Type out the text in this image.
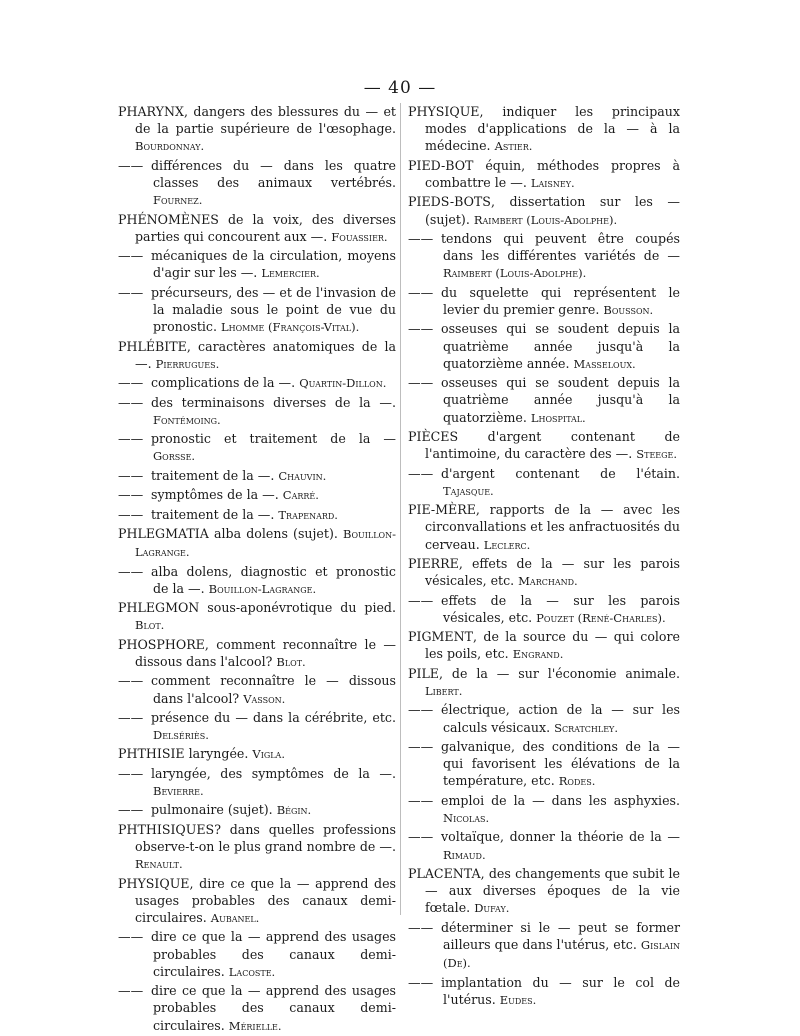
— 40 —
PHARYNX, dangers des blessures du — et de la partie supérieure de l'œsophage. Bourdonnay.
—— différences du — dans les quatre classes des animaux vertébrés. Fournez.
PHÉNOMÈNES de la voix, des diverses parties qui concourent aux —. Fouassier.
—— mécaniques de la circulation, moyens d'agir sur les —. Lemercier.
—— précurseurs, des — et de l'invasion de la maladie sous le point de vue du pronostic. Lhomme (François-Vital).
PHLÉBITE, caractères anatomiques de la —. Pierrugues.
—— complications de la —. Quartin-Dillon.
—— des terminaisons diverses de la —. Fontémoing.
—— pronostic et traitement de la — Gorsse.
—— traitement de la —. Chauvin.
—— symptômes de la —. Carré.
—— traitement de la —. Trapenard.
PHLEGMATIA alba dolens (sujet). Bouillon-Lagrange.
—— alba dolens, diagnostic et pronostic de la —. Bouillon-Lagrange.
PHLEGMON sous-aponévrotique du pied. Blot.
PHOSPHORE, comment reconnaître le — dissous dans l'alcool? Blot.
—— comment reconnaître le — dissous dans l'alcool? Vasson.
—— présence du — dans la cérébrite, etc. Delsériès.
PHTHISIE laryngée. Vigla.
—— laryngée, des symptômes de la —. Bevierre.
—— pulmonaire (sujet). Bégin.
PHTHISIQUES? dans quelles professions observe-t-on le plus grand nombre de —. Renault.
PHYSIQUE, dire ce que la — apprend des usages probables des canaux demi-circulaires. Aubanel.
—— dire ce que la — apprend des usages probables des canaux demi-circulaires. Lacoste.
—— dire ce que la — apprend des usages probables des canaux demi-circulaires. Mérielle.
PHYSIQUE, indiquer les principaux modes d'applications de la — à la médecine. Astier.
PIED-BOT équin, méthodes propres à combattre le —. Laisney.
PIEDS-BOTS, dissertation sur les — (sujet). Raimbert (Louis-Adolphe).
—— tendons qui peuvent être coupés dans les différentes variétés de — Raimbert (Louis-Adolphe).
—— du squelette qui représentent le levier du premier genre. Bousson.
—— osseuses qui se soudent depuis la quatrième année jusqu'à la quatorzième année. Masseloux.
—— osseuses qui se soudent depuis la quatrième année jusqu'à la quatorzième. Lhospital.
PIÈCES d'argent contenant de l'antimoine, du caractère des —. Steege.
—— d'argent contenant de l'étain. Tajasque.
PIE-MÈRE, rapports de la — avec les circonvallations et les anfractuosités du cerveau. Leclerc.
PIERRE, effets de la — sur les parois vésicales, etc. Marchand.
—— effets de la — sur les parois vésicales, etc. Pouzet (René-Charles).
PIGMENT, de la source du — qui colore les poils, etc. Engrand.
PILE, de la — sur l'économie animale. Libert.
—— électrique, action de la — sur les calculs vésicaux. Scratchley.
—— galvanique, des conditions de la — qui favorisent les élévations de la température, etc. Rodes.
—— emploi de la — dans les asphyxies. Nicolas.
—— voltaïque, donner la théorie de la — Rimaud.
PLACENTA, des changements que subit le — aux diverses époques de la vie fœtale. Dufay.
—— déterminer si le — peut se former ailleurs que dans l'utérus, etc. Gislain (De).
—— implantation du — sur le col de l'utérus. Eudes.
